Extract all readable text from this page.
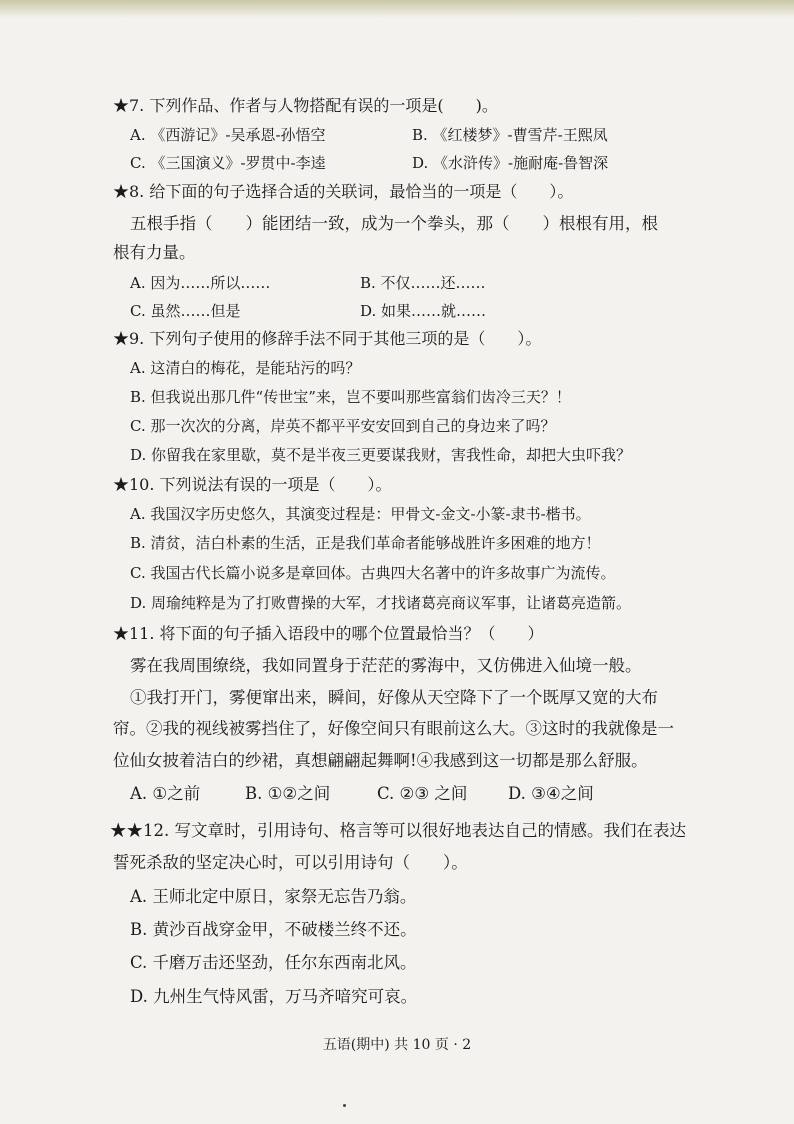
★7. 下列作品、作者与人物搭配有误的一项是(　　)。
A. 《西游记》-吴承恩-孙悟空	B. 《红楼梦》-曹雪芹-王熙凤
C. 《三国演义》-罗贯中-李逵	D. 《水浒传》-施耐庵-鲁智深
★8. 给下面的句子选择合适的关联词，最恰当的一项是（　　）。
五根手指（　　）能团结一致，成为一个拳头，那（　　）根根有用，根
根有力量。
A. 因为……所以……	B. 不仅……还……
C. 虽然……但是	D. 如果……就……
★9. 下列句子使用的修辞手法不同于其他三项的是（　　）。
A. 这清白的梅花，是能玷污的吗？
B. 但我说出那几件“传世宝”来，岂不要叫那些富翁们齿冷三天？！
C. 那一次次的分离，岸英不都平平安安回到自己的身边来了吗？
D. 你留我在家里歇，莫不是半夜三更要谋我财，害我性命，却把大虫吓我？
★10. 下列说法有误的一项是（　　）。
A. 我国汉字历史悠久，其演变过程是：甲骨文-金文-小篆-隶书-楷书。
B. 清贫，洁白朴素的生活，正是我们革命者能够战胜许多困难的地方！
C. 我国古代长篇小说多是章回体。古典四大名著中的许多故事广为流传。
D. 周瑜纯粹是为了打败曹操的大军，才找诸葛亮商议军事，让诸葛亮造箭。
★11. 将下面的句子插入语段中的哪个位置最恰当？（　　）
雾在我周围缭绕，我如同置身于茫茫的雾海中，又仿佛进入仙境一般。
①我打开门，雾便窜出来，瞬间，好像从天空降下了一个既厚又宽的大布
帘。②我的视线被雾挡住了，好像空间只有眼前这么大。③这时的我就像是一
位仙女披着洁白的纱裙，真想翩翩起舞啊!④我感到这一切都是那么舒服。
A. ①之前	B. ①②之间	C. ②③ 之间 D. ③④之间
★★12. 写文章时，引用诗句、格言等可以很好地表达自己的情感。我们在表达
誓死杀敌的坚定决心时，可以引用诗句（　　）。
A. 王师北定中原日，家祭无忘告乃翁。
B. 黄沙百战穿金甲，不破楼兰终不还。
C. 千磨万击还坚劲，任尔东西南北风。
D. 九州生气恃风雷，万马齐喑究可哀。
五语(期中) 共 10 页 · 2
